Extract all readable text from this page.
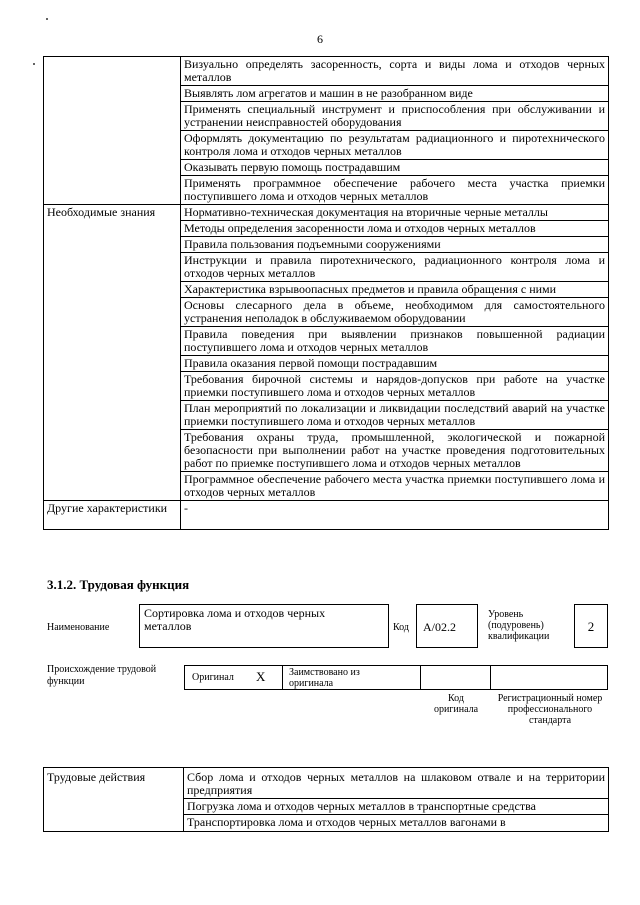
6
	Визуально определять засоренность, сорта и виды лома и отходов черных металлов
	Выявлять лом агрегатов и машин в не разобранном виде
	Применять специальный инструмент и приспособления при обслуживании и устранении неисправностей оборудования
	Оформлять документацию по результатам радиационного и пиротехнического контроля лома и отходов черных металлов
	Оказывать первую помощь пострадавшим
	Применять программное обеспечение рабочего места участка приемки поступившего лома и отходов черных металлов
Необходимые знания	Нормативно-техническая документация на вторичные черные металлы
	Методы определения засоренности лома и отходов черных металлов
	Правила пользования подъемными сооружениями
	Инструкции и правила пиротехнического, радиационного контроля лома и отходов черных металлов
	Характеристика взрывоопасных предметов и правила обращения с ними
	Основы слесарного дела в объеме, необходимом для самостоятельного устранения неполадок в обслуживаемом оборудовании
	Правила поведения при выявлении признаков повышенной радиации поступившего лома и отходов черных металлов
	Правила оказания первой помощи пострадавшим
	Требования бирочной системы и нарядов-допусков при работе на участке приемки поступившего лома и отходов черных металлов
	План мероприятий по локализации и ликвидации последствий аварий на участке приемки поступившего лома и отходов черных металлов
	Требования охраны труда, промышленной, экологической и пожарной безопасности при выполнении работ на участке проведения подготовительных работ по приемке поступившего лома и отходов черных металлов
	Программное обеспечение рабочего места участка приемки поступившего лома и отходов черных металлов
Другие характеристики	-
3.1.2. Трудовая функция
Наименование
Сортировка лома и отходов черных металлов	Код А/02.2
Уровень (подуровень) квалификации
2
Происхождение трудовой функции	Оригинал X Заимствовано из оригинала
Код оригинала
Регистрационный номер профессионального стандарта
Трудовые действия	Сбор лома и отходов черных металлов на шлаковом отвале и на территории предприятия
Погрузка лома и отходов черных металлов в транспортные средства
Транспортировка лома и отходов черных металлов вагонами в
